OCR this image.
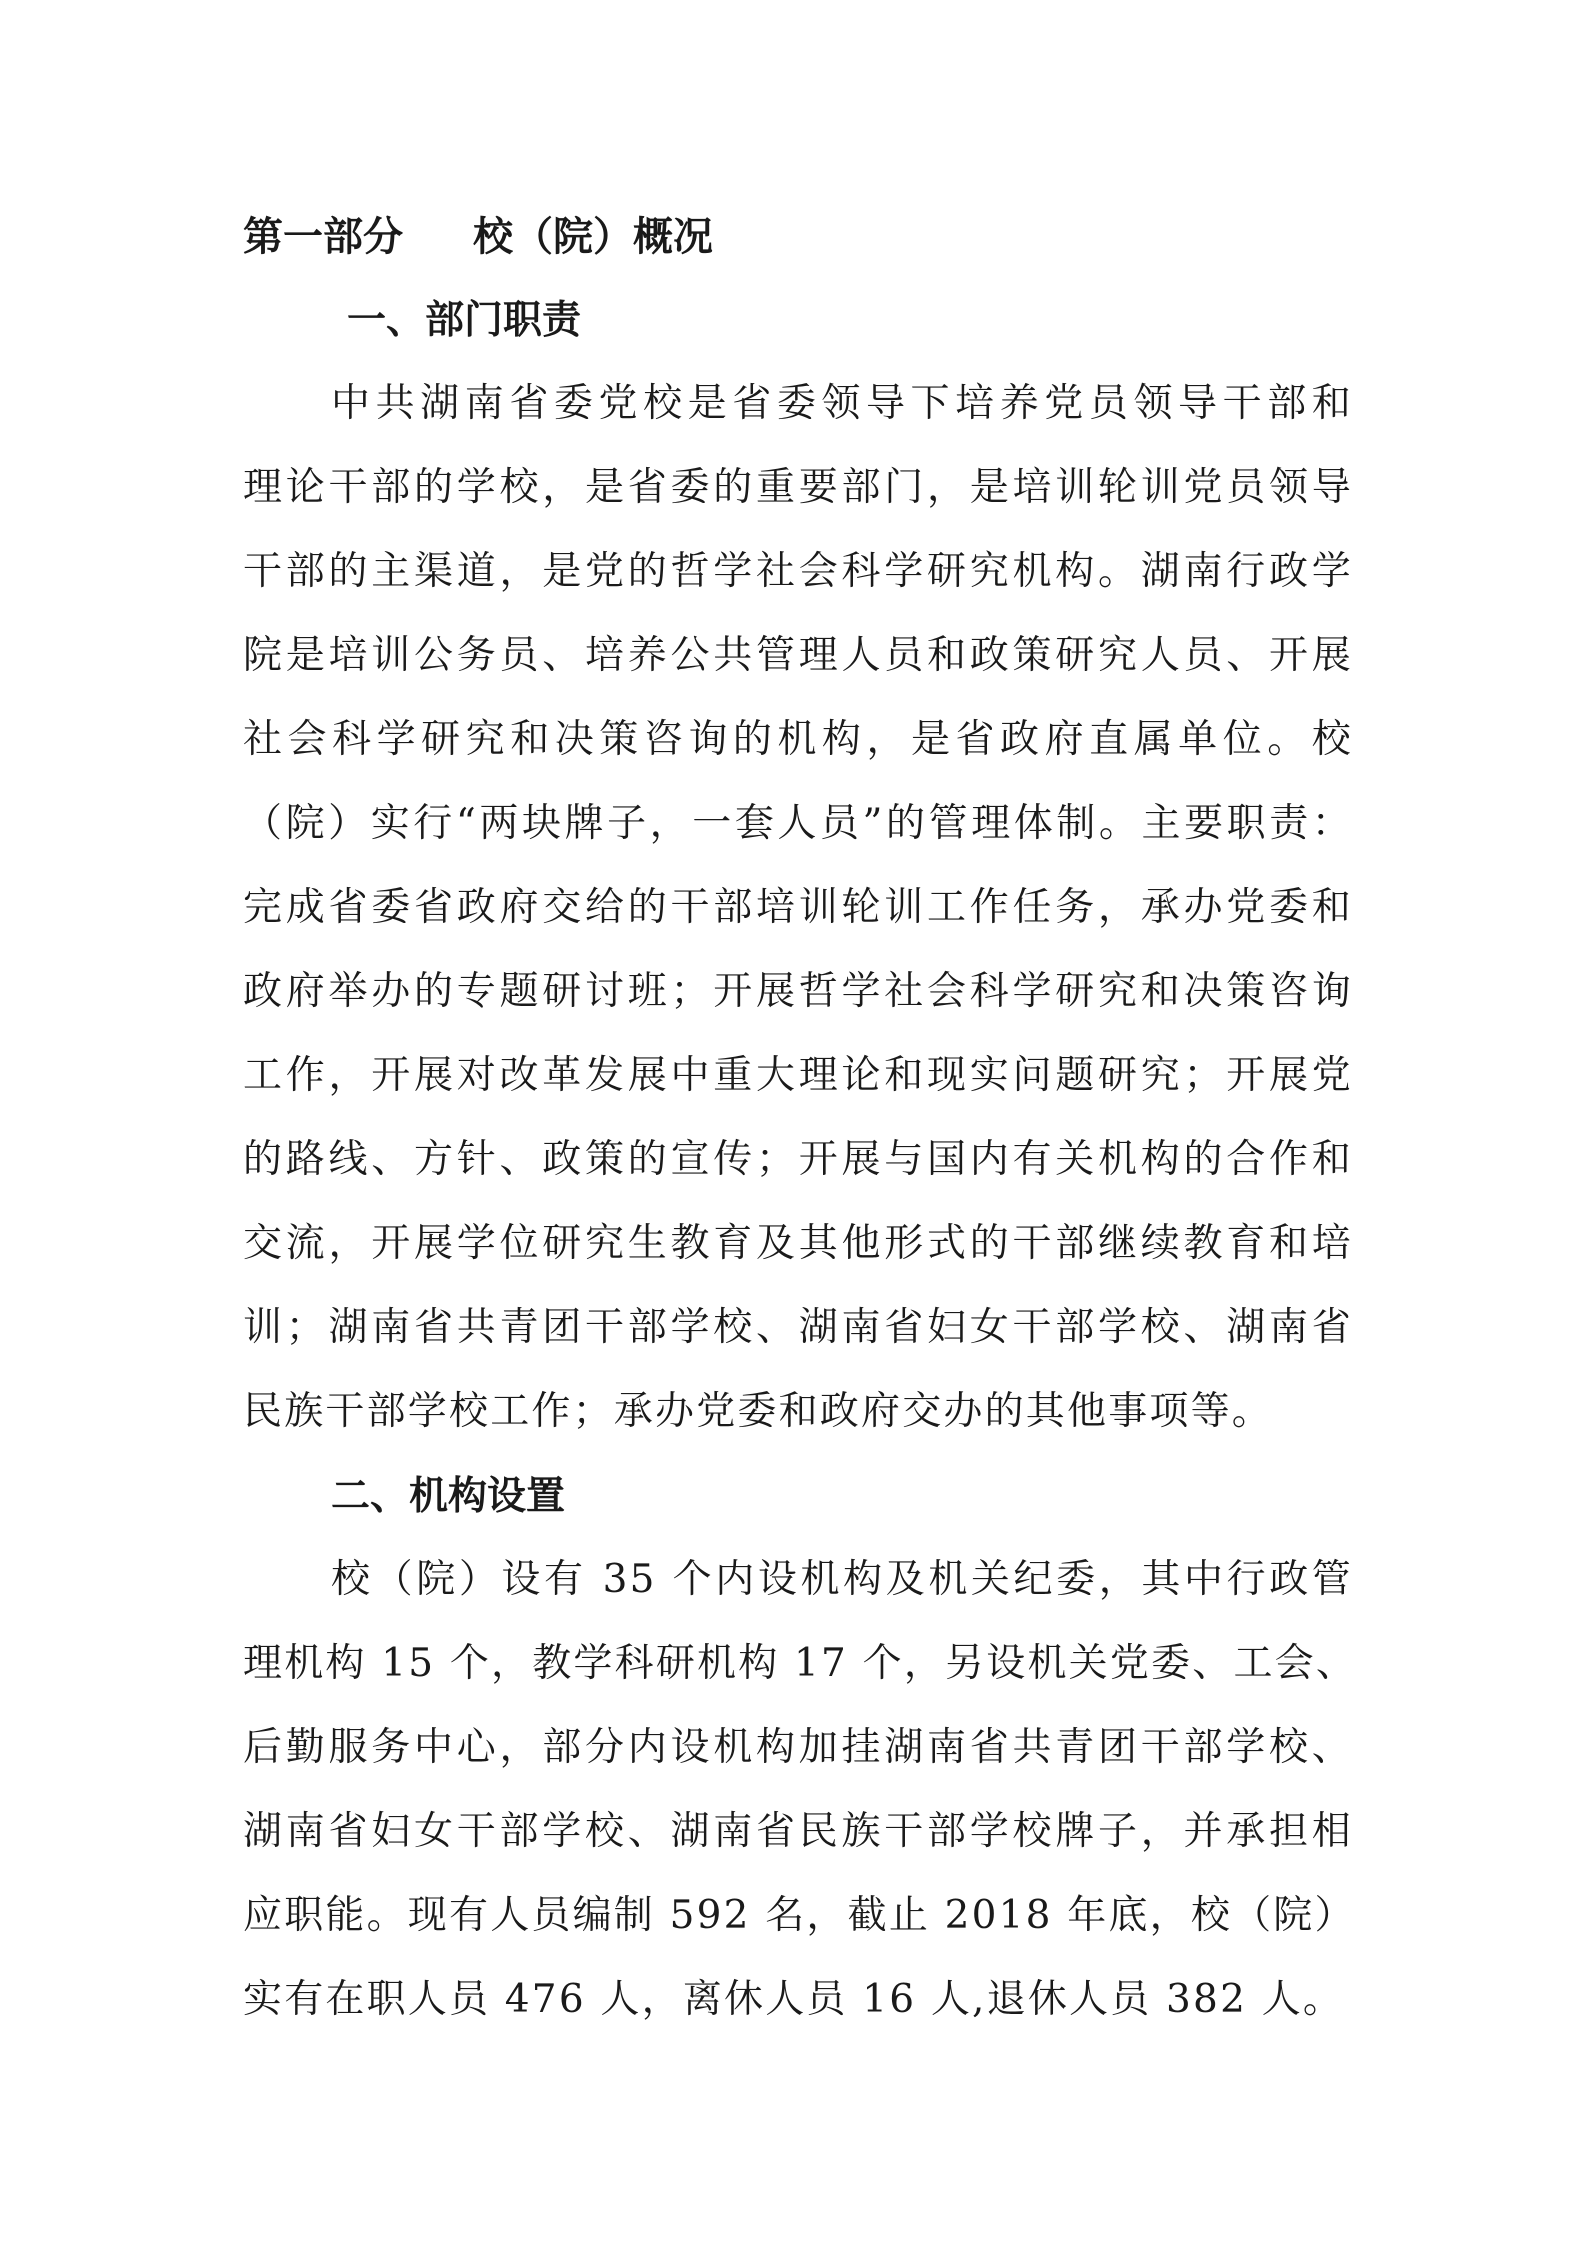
第一部分 校（院）概况
一、部门职责
中共湖南省委党校是省委领导下培养党员领导干部和
理论干部的学校，是省委的重要部门，是培训轮训党员领导
干部的主渠道，是党的哲学社会科学研究机构。湖南行政学
院是培训公务员、培养公共管理人员和政策研究人员、开展
社会科学研究和决策咨询的机构，是省政府直属单位。校
（院）实行“两块牌子，一套人员”的管理体制。主要职责：
完成省委省政府交给的干部培训轮训工作任务，承办党委和
政府举办的专题研讨班；开展哲学社会科学研究和决策咨询
工作，开展对改革发展中重大理论和现实问题研究；开展党
的路线、方针、政策的宣传；开展与国内有关机构的合作和
交流，开展学位研究生教育及其他形式的干部继续教育和培
训；湖南省共青团干部学校、湖南省妇女干部学校、湖南省
民族干部学校工作；承办党委和政府交办的其他事项等。
二、机构设置
校（院）设有 35 个内设机构及机关纪委，其中行政管
理机构 15 个，教学科研机构 17 个，另设机关党委、工会、
后勤服务中心，部分内设机构加挂湖南省共青团干部学校、
湖南省妇女干部学校、湖南省民族干部学校牌子，并承担相
应职能。现有人员编制 592 名，截止 2018 年底，校（院）
实有在职人员 476 人，离休人员 16 人,退休人员 382 人。
